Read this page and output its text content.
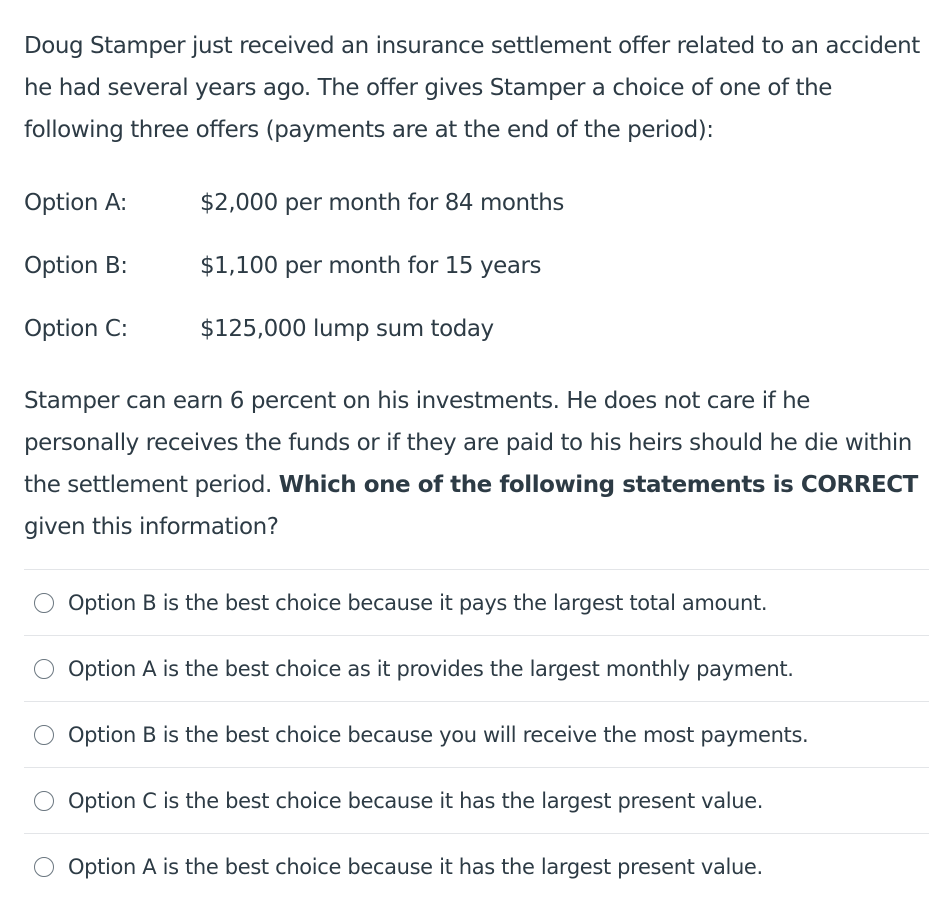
Doug Stamper just received an insurance settlement offer related to an accident he had several years ago. The offer gives Stamper a choice of one of the following three offers (payments are at the end of the period):

Option A:	$2,000 per month for 84 months
Option B:	$1,100 per month for 15 years
Option C:	$125,000 lump sum today

Stamper can earn 6 percent on his investments. He does not care if he personally receives the funds or if they are paid to his heirs should he die within the settlement period. Which one of the following statements is CORRECT given this information?

Option B is the best choice because it pays the largest total amount.
Option A is the best choice as it provides the largest monthly payment.
Option B is the best choice because you will receive the most payments.
Option C is the best choice because it has the largest present value.
Option A is the best choice because it has the largest present value.
